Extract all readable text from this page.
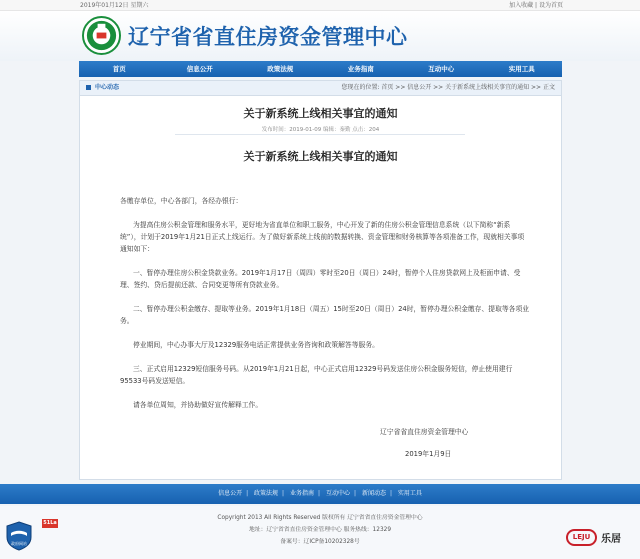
2019年01月12日 星期六	加入收藏 | 设为首页
辽宁省省直住房资金管理中心
首页	信息公开	政策法规	业务指南	互动中心	实用工具
中心动态	您现在的位置: 首页 >> 信息公开 >> 关于新系统上线相关事宜的通知 >> 正文
关于新系统上线相关事宜的通知
发布时间：2019-01-09 编辑：秦勤 点击：204
关于新系统上线相关事宜的通知

各缴存单位，中心各部门，各经办银行：

为提高住房公积金管理和服务水平，更好地为省直单位和职工服务，中心开发了新的住房公积金管理信息系统（以下简称“新系统”），计划于2019年1月21日正式上线运行。为了做好新系统上线前的数据转换、资金管理和财务核算等各项准备工作，现就相关事项通知如下：

一、暂停办理住房公积金贷款业务。2019年1月17日（周四）零时至20日（周日）24时，暂停个人住房贷款网上及柜面申请、受理、签约、贷后提前还款、合同变更等所有贷款业务。

二、暂停办理公积金缴存、提取等业务。2019年1月18日（周五）15时至20日（周日）24时，暂停办理公积金缴存、提取等各项业务。

停业期间，中心办事大厅及12329服务电话正常提供业务咨询和政策解答等服务。

三、正式启用12329短信服务号码。从2019年1月21日起，中心正式启用12329号码发送住房公积金服务短信，停止使用建行95533号码发送短信。

请各单位周知，并协助做好宣传解释工作。

辽宁省省直住房资金管理中心
2019年1月9日
信息公开 | 政策法规 | 业务指南 | 互动中心 | 新闻动态 | 实用工具
Copyright 2013 All Rights Reserved 版权所有 辽宁省省直住房资金管理中心
地址：辽宁省省直住房资金管理中心 服务热线：12329
备案号：辽ICP备10202328号
政府网站
51La
LEJU	乐居
